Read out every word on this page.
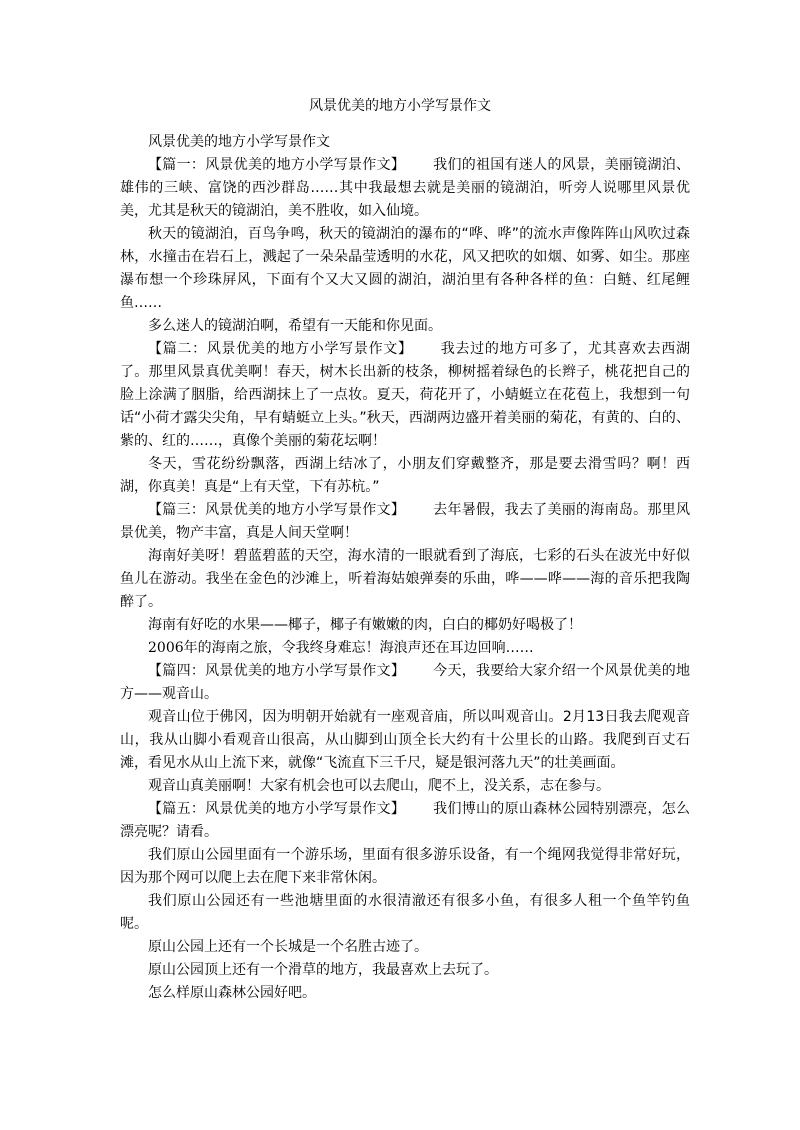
风景优美的地方小学写景作文

风景优美的地方小学写景作文

【篇一：风景优美的地方小学写景作文】 我们的祖国有迷人的风景，美丽镜湖泊、雄伟的三峡、富饶的西沙群岛……其中我最想去就是美丽的镜湖泊，听旁人说哪里风景优美，尤其是秋天的镜湖泊，美不胜收，如入仙境。

秋天的镜湖泊，百鸟争鸣，秋天的镜湖泊的瀑布的“哗、哗”的流水声像阵阵山风吹过森林，水撞击在岩石上，溅起了一朵朵晶莹透明的水花，风又把吹的如烟、如雾、如尘。那座瀑布想一个珍珠屏风，下面有个又大又圆的湖泊，湖泊里有各种各样的鱼：白鲢、红尾鲤鱼……

多么迷人的镜湖泊啊，希望有一天能和你见面。

【篇二：风景优美的地方小学写景作文】 我去过的地方可多了，尤其喜欢去西湖了。那里风景真优美啊！春天，树木长出新的枝条，柳树摇着绿色的长辫子，桃花把自己的脸上涂满了胭脂，给西湖抹上了一点妆。夏天，荷花开了，小蜻蜓立在花苞上，我想到一句话“小荷才露尖尖角，早有蜻蜓立上头。”秋天，西湖两边盛开着美丽的菊花，有黄的、白的、紫的、红的……，真像个美丽的菊花坛啊！

冬天，雪花纷纷飘落，西湖上结冰了，小朋友们穿戴整齐，那是要去滑雪吗？啊！西湖，你真美！真是“上有天堂，下有苏杭。”

【篇三：风景优美的地方小学写景作文】 去年暑假，我去了美丽的海南岛。那里风景优美，物产丰富，真是人间天堂啊！

海南好美呀！碧蓝碧蓝的天空，海水清的一眼就看到了海底，七彩的石头在波光中好似鱼儿在游动。我坐在金色的沙滩上，听着海姑娘弹奏的乐曲，哗——哗——海的音乐把我陶醉了。

海南有好吃的水果——椰子，椰子有嫩嫩的肉，白白的椰奶好喝极了！

2006年的海南之旅，令我终身难忘！海浪声还在耳边回响……

【篇四：风景优美的地方小学写景作文】 今天，我要给大家介绍一个风景优美的地方——观音山。

观音山位于佛冈，因为明朝开始就有一座观音庙，所以叫观音山。2月13日我去爬观音山，我从山脚小看观音山很高，从山脚到山顶全长大约有十公里长的山路。我爬到百丈石滩，看见水从山上流下来，就像“飞流直下三千尺，疑是银河落九天”的壮美画面。

观音山真美丽啊！大家有机会也可以去爬山，爬不上，没关系，志在参与。

【篇五：风景优美的地方小学写景作文】 我们博山的原山森林公园特别漂亮，怎么漂亮呢？请看。

我们原山公园里面有一个游乐场，里面有很多游乐设备，有一个绳网我觉得非常好玩，因为那个网可以爬上去在爬下来非常休闲。

我们原山公园还有一些池塘里面的水很清澈还有很多小鱼，有很多人租一个鱼竿钓鱼呢。

原山公园上还有一个长城是一个名胜古迹了。

原山公园顶上还有一个滑草的地方，我最喜欢上去玩了。

怎么样原山森林公园好吧。
